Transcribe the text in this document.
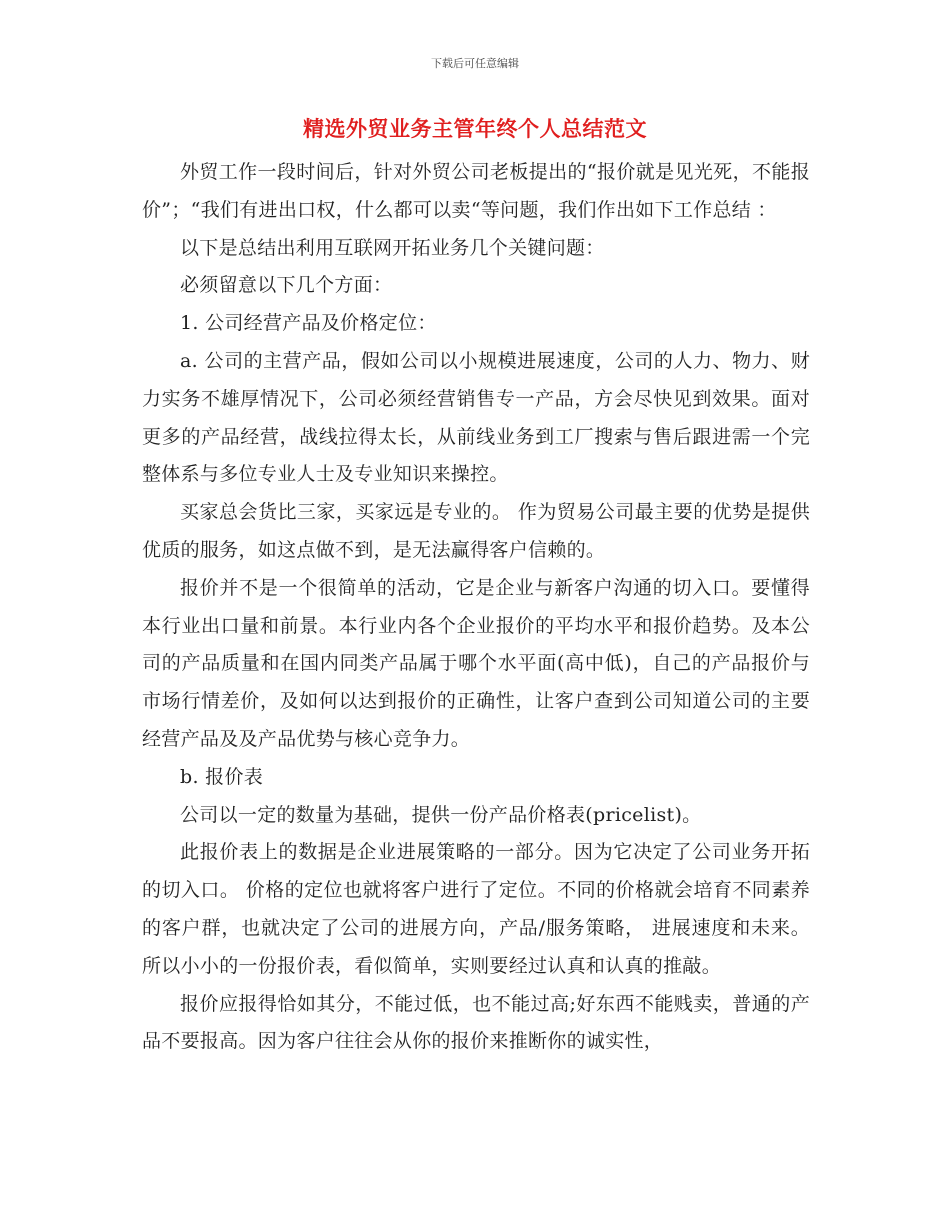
下载后可任意编辑
精选外贸业务主管年终个人总结范文

外贸工作一段时间后，针对外贸公司老板提出的“报价就是见光死，不能报价”；“我们有进出口权，什么都可以卖“等问题，我们作出如下工作总结 ：

以下是总结出利用互联网开拓业务几个关键问题：

必须留意以下几个方面：

1. 公司经营产品及价格定位：

a. 公司的主营产品，假如公司以小规模进展速度，公司的人力、物力、财力实务不雄厚情况下，公司必须经营销售专一产品，方会尽快见到效果。面对更多的产品经营，战线拉得太长，从前线业务到工厂搜索与售后跟进需一个完整体系与多位专业人士及专业知识来操控。

买家总会货比三家，买家远是专业的。 作为贸易公司最主要的优势是提供优质的服务，如这点做不到，是无法赢得客户信赖的。

报价并不是一个很简单的活动，它是企业与新客户沟通的切入口。要懂得本行业出口量和前景。本行业内各个企业报价的平均水平和报价趋势。及本公司的产品质量和在国内同类产品属于哪个水平面(高中低)，自己的产品报价与市场行情差价，及如何以达到报价的正确性，让客户查到公司知道公司的主要经营产品及及产品优势与核心竞争力。

b. 报价表

公司以一定的数量为基础，提供一份产品价格表(pricelist)。

此报价表上的数据是企业进展策略的一部分。因为它决定了公司业务开拓的切入口。 价格的定位也就将客户进行了定位。不同的价格就会培育不同素养的客户群，也就决定了公司的进展方向，产品/服务策略， 进展速度和未来。所以小小的一份报价表，看似简单，实则要经过认真和认真的推敲。

报价应报得恰如其分，不能过低，也不能过高;好东西不能贱卖，普通的产品不要报高。因为客户往往会从你的报价来推断你的诚实性，
